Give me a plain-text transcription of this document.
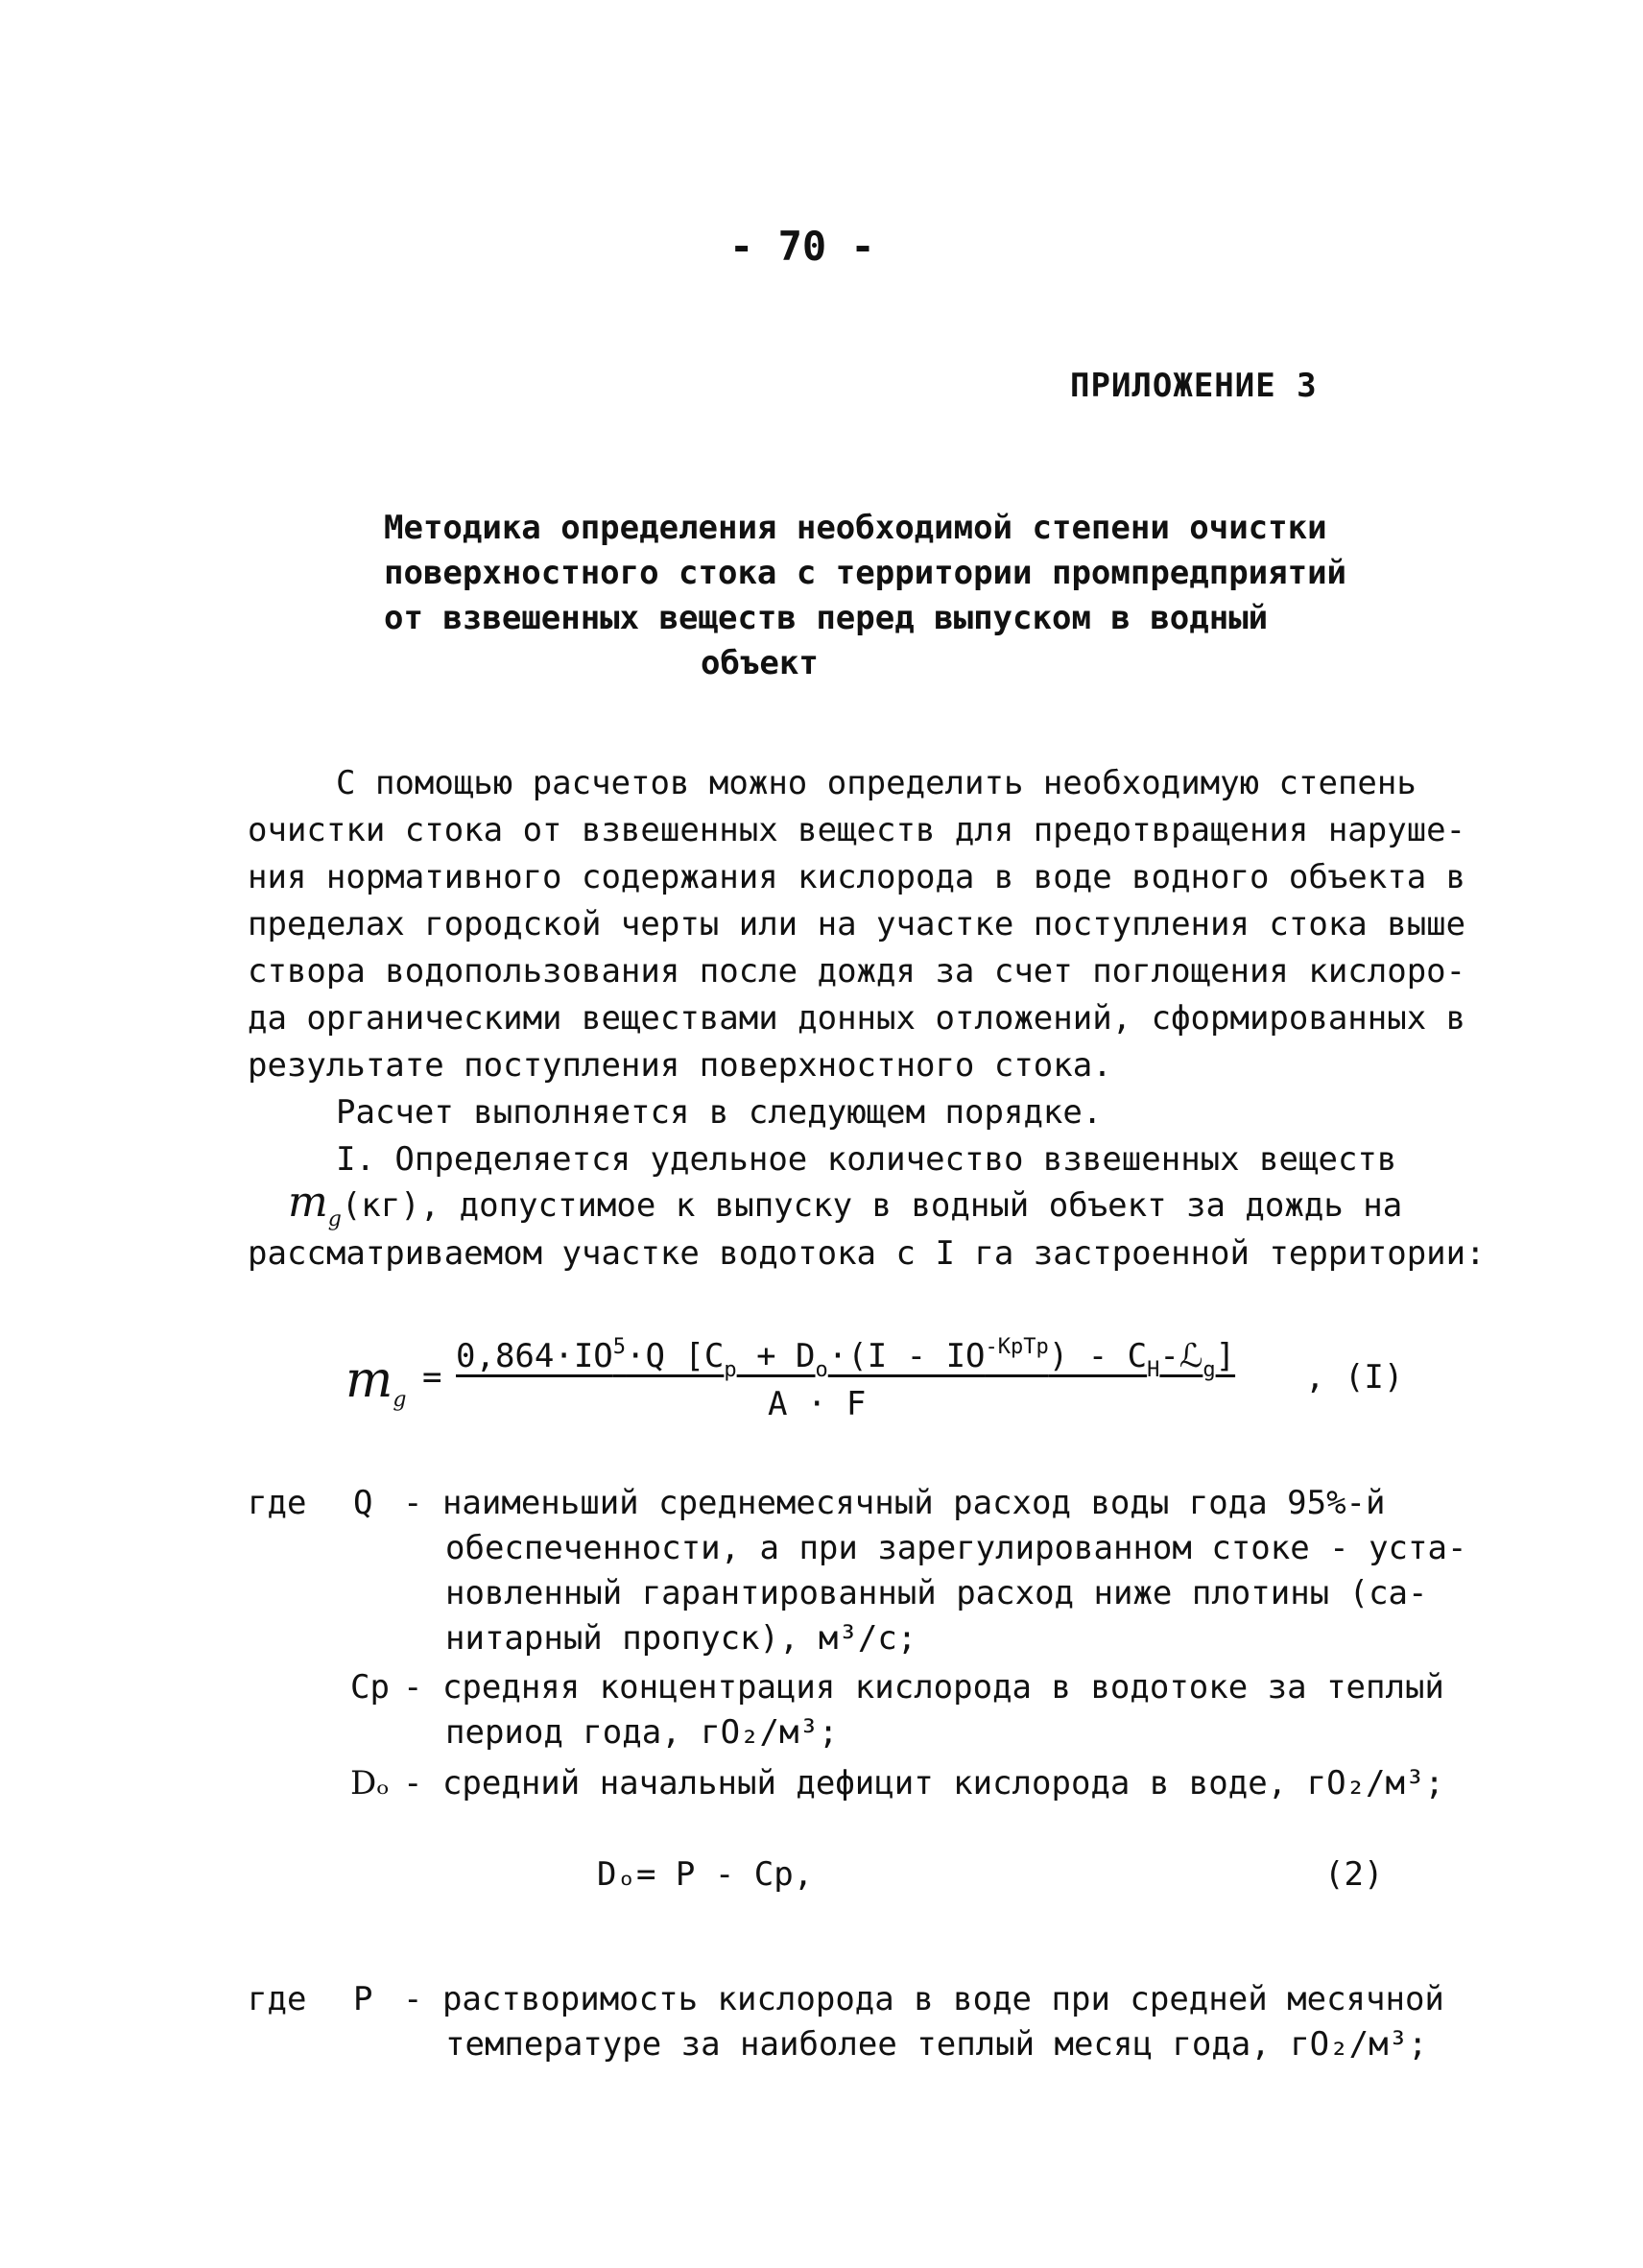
- 70 -
ПРИЛОЖЕНИЕ 3
Методика определения необходимой степени очистки
поверхностного стока с территории промпредприятий
от взвешенных веществ перед выпуском в водный
объект
С помощью расчетов можно определить необходимую степень
очистки стока от взвешенных веществ для предотвращения наруше-
ния нормативного содержания кислорода в воде водного объекта в
пределах городской черты или на участке поступления стока выше
створа водопользования после дождя за счет поглощения кислоро-
да органическими веществами донных отложений, сформированных в
результате поступления поверхностного стока.
Расчет выполняется в следующем порядке.
I. Определяется удельное количество взвешенных веществ
$m_g(кг)$, допустимое к выпуску в водный объект за дождь на
рассматриваемом участке водотока с I га застроенной территории:
$m_g$
=
$0,864\cdot IO^5\cdot Q$ [$C_p + D_o\cdot(I - IO^{-KpTp})$ - $C_H-ℒ_g$]
A · F
, (I)
где Q - наименьший среднемесячный расход воды года 95%-й
обеспеченности, а при зарегулированном стоке - уста-
новленный гарантированный расход ниже плотины (са-
нитарный пропуск), м³/с;
Cp - средняя концентрация кислорода в водотоке за теплый
период года, гО₂/м³;
Dₒ - средний начальный дефицит кислорода в воде, гО₂/м³;
Dₒ= P - Cp,	(2)
где P - растворимость кислорода в воде при средней месячной
температуре за наиболее теплый месяц года, гО₂/м³;
